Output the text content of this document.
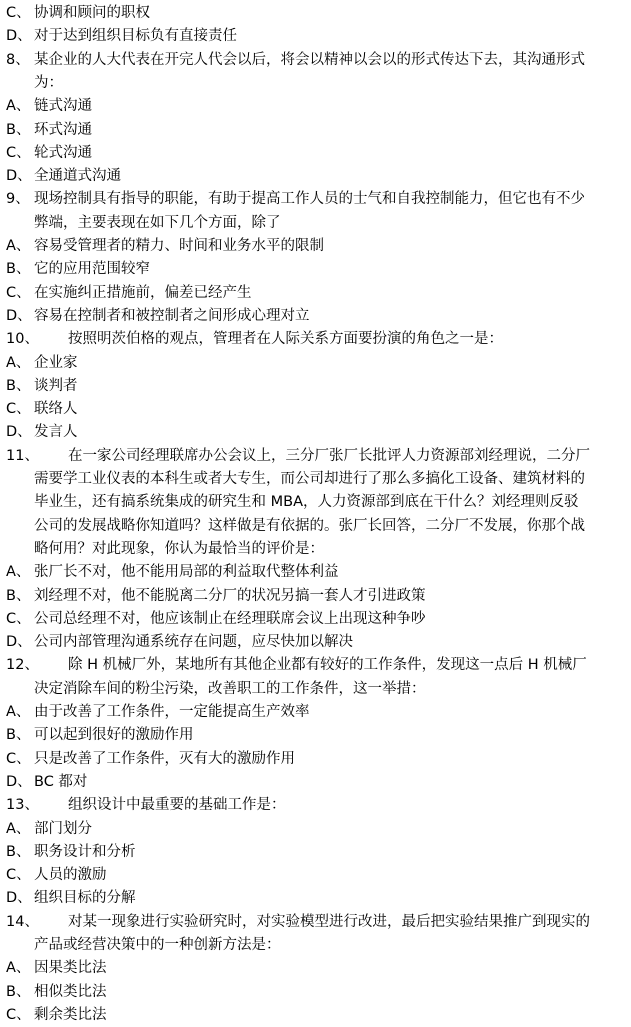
C、 协调和顾问的职权
D、 对于达到组织目标负有直接责任
8、 某企业的人大代表在开完人代会以后，将会以精神以会以的形式传达下去，其沟通形式
为：
A、 链式沟通
B、 环式沟通
C、 轮式沟通
D、 全通道式沟通
9、 现场控制具有指导的职能，有助于提高工作人员的士气和自我控制能力，但它也有不少
弊端，主要表现在如下几个方面，除了
A、 容易受管理者的精力、时间和业务水平的限制
B、 它的应用范围较窄
C、 在实施纠正措施前，偏差已经产生
D、 容易在控制者和被控制者之间形成心理对立
10、 按照明茨伯格的观点，管理者在人际关系方面要扮演的角色之一是：
A、 企业家
B、 谈判者
C、 联络人
D、 发言人
11、 在一家公司经理联席办公会议上，三分厂张厂长批评人力资源部刘经理说，二分厂
需要学工业仪表的本科生或者大专生，而公司却进行了那么多搞化工设备、建筑材料的
毕业生，还有搞系统集成的研究生和 MBA，人力资源部到底在干什么？刘经理则反驳
公司的发展战略你知道吗？这样做是有依据的。张厂长回答，二分厂不发展，你那个战
略何用？对此现象，你认为最恰当的评价是：
A、 张厂长不对，他不能用局部的利益取代整体利益
B、 刘经理不对，他不能脱离二分厂的状况另搞一套人才引进政策
C、 公司总经理不对，他应该制止在经理联席会议上出现这种争吵
D、 公司内部管理沟通系统存在问题，应尽快加以解决
12、 除 H 机械厂外，某地所有其他企业都有较好的工作条件，发现这一点后 H 机械厂
决定消除车间的粉尘污染，改善职工的工作条件，这一举措：
A、 由于改善了工作条件，一定能提高生产效率
B、 可以起到很好的激励作用
C、 只是改善了工作条件，灭有大的激励作用
D、 BC 都对
13、 组织设计中最重要的基础工作是：
A、 部门划分
B、 职务设计和分析
C、 人员的激励
D、 组织目标的分解
14、 对某一现象进行实验研究时，对实验模型进行改进，最后把实验结果推广到现实的
产品或经营决策中的一种创新方法是：
A、 因果类比法
B、 相似类比法
C、 剩余类比法
